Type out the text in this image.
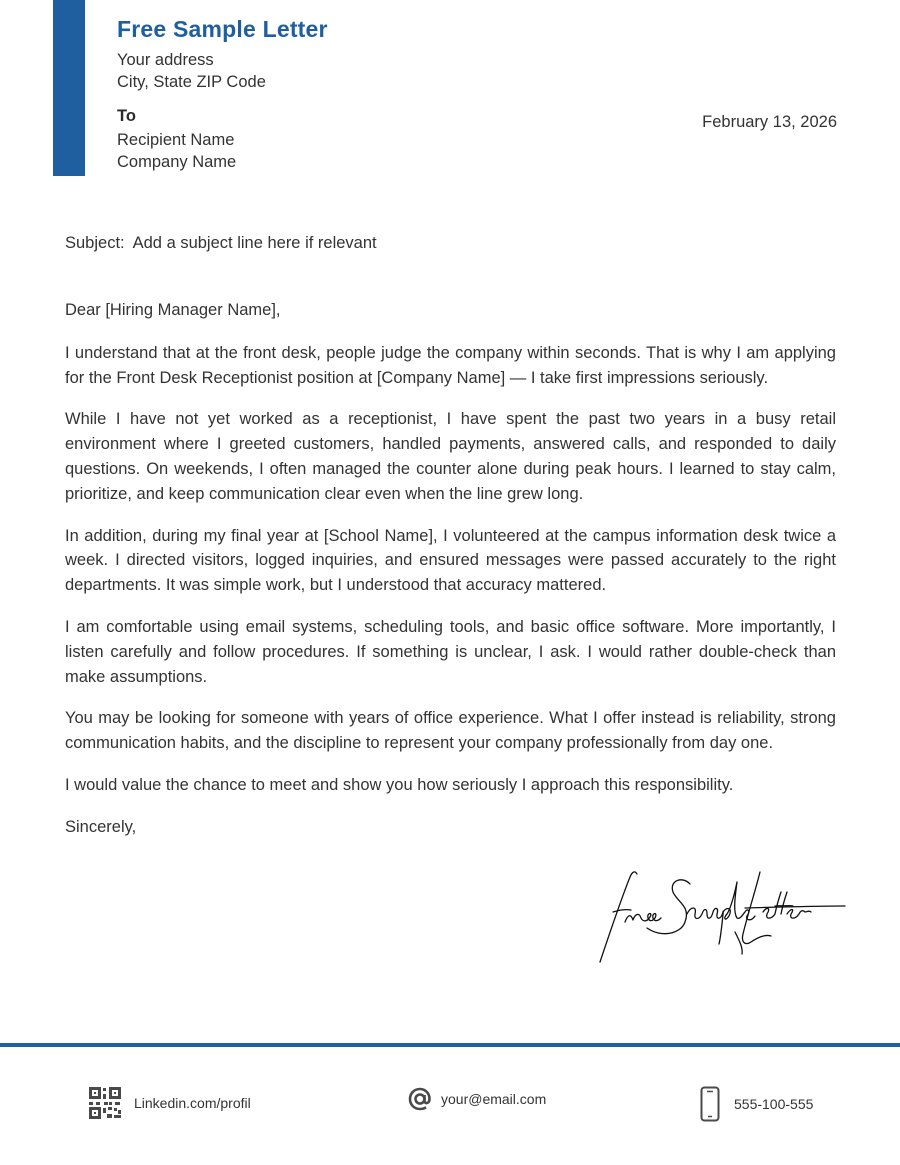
Free Sample Letter
Your address
City, State ZIP Code
To
Recipient Name
Company Name
February 13, 2026
Subject: Add a subject line here if relevant

Dear [Hiring Manager Name],

I understand that at the front desk, people judge the company within seconds. That is why I am applying for the Front Desk Receptionist position at [Company Name] — I take first impressions seriously.

While I have not yet worked as a receptionist, I have spent the past two years in a busy retail environment where I greeted customers, handled payments, answered calls, and responded to daily questions. On weekends, I often managed the counter alone during peak hours. I learned to stay calm, prioritize, and keep communication clear even when the line grew long.

In addition, during my final year at [School Name], I volunteered at the campus information desk twice a week. I directed visitors, logged inquiries, and ensured messages were passed accurately to the right departments. It was simple work, but I understood that accuracy mattered.

I am comfortable using email systems, scheduling tools, and basic office software. More importantly, I listen carefully and follow procedures. If something is unclear, I ask. I would rather double-check than make assumptions.

You may be looking for someone with years of office experience. What I offer instead is reliability, strong communication habits, and the discipline to represent your company professionally from day one.

I would value the chance to meet and show you how seriously I approach this responsibility.

Sincerely,

Linkedin.com/profil	your@email.com	555-100-555
